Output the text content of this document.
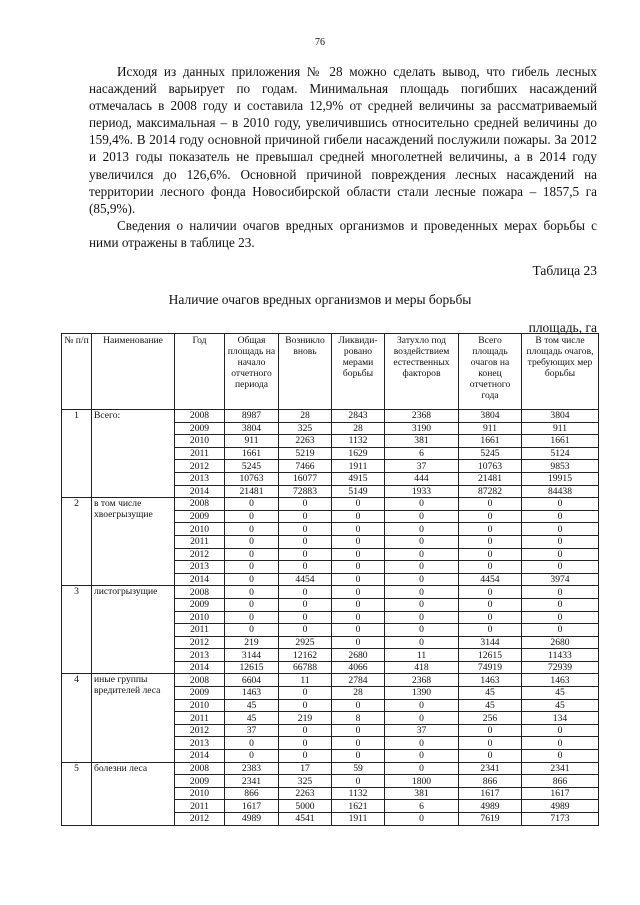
76

Исходя из данных приложения № 28 можно сделать вывод, что гибель лесных насаждений варьирует по годам. Минимальная площадь погибших насаждений отмечалась в 2008 году и составила 12,9% от средней величины за рассматриваемый период, максимальная – в 2010 году, увеличившись относительно средней величины до 159,4%. В 2014 году основной причиной гибели насаждений послужили пожары. За 2012 и 2013 годы показатель не превышал средней многолетней величины, а в 2014 году увеличился до 126,6%. Основной причиной повреждения лесных насаждений на территории лесного фонда Новосибирской области стали лесные пожара – 1857,5 га (85,9%).

Сведения о наличии очагов вредных организмов и проведенных мерах борьбы с ними отражены в таблице 23.

Таблица 23
Наличие очагов вредных организмов и меры борьбы
площадь, га
№ п/п	Наименование	Год	Общая площадь на начало отчетного периода	Возникло вновь	Ликвиди-ровано мерами борьбы	Затухло под воздействием естественных факторов	Всего площадь очагов на конец отчетного года	В том числе площадь очагов, требующих мер борьбы
1	Всего:	2008	8987	28	2843	2368	3804	3804
		2009	3804	325	28	3190	911	911
		2010	911	2263	1132	381	1661	1661
		2011	1661	5219	1629	6	5245	5124
		2012	5245	7466	1911	37	10763	9853
		2013	10763	16077	4915	444	21481	19915
		2014	21481	72883	5149	1933	87282	84438
2	в том числе хвоегрызущие	2008	0	0	0	0	0	0
		2009	0	0	0	0	0	0
		2010	0	0	0	0	0	0
		2011	0	0	0	0	0	0
		2012	0	0	0	0	0	0
		2013	0	0	0	0	0	0
		2014	0	4454	0	0	4454	3974
3	листогрызущие	2008	0	0	0	0	0	0
		2009	0	0	0	0	0	0
		2010	0	0	0	0	0	0
		2011	0	0	0	0	0	0
		2012	219	2925	0	0	3144	2680
		2013	3144	12162	2680	11	12615	11433
		2014	12615	66788	4066	418	74919	72939
4	иные группы вредителей леса	2008	6604	11	2784	2368	1463	1463
		2009	1463	0	28	1390	45	45
		2010	45	0	0	0	45	45
		2011	45	219	8	0	256	134
		2012	37	0	0	37	0	0
		2013	0	0	0	0	0	0
		2014	0	0	0	0	0	0
5	болезни леса	2008	2383	17	59	0	2341	2341
		2009	2341	325	0	1800	866	866
		2010	866	2263	1132	381	1617	1617
		2011	1617	5000	1621	6	4989	4989
		2012	4989	4541	1911	0	7619	7173
